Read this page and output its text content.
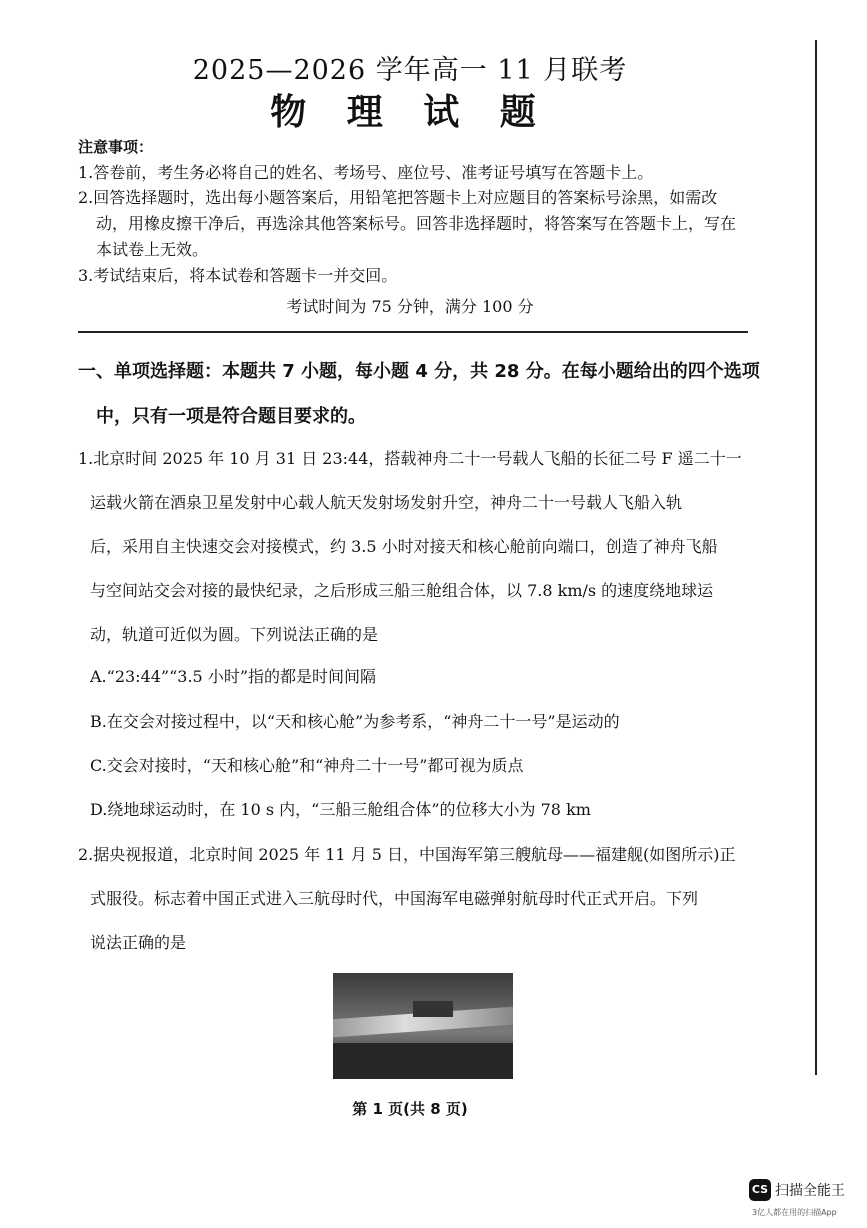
2025—2026 学年高一 11 月联考
物 理 试 题
注意事项：
1.答卷前，考生务必将自己的姓名、考场号、座位号、准考证号填写在答题卡上。
2.回答选择题时，选出每小题答案后，用铅笔把答题卡上对应题目的答案标号涂黑，如需改
动，用橡皮擦干净后，再选涂其他答案标号。回答非选择题时，将答案写在答题卡上，写在
本试卷上无效。
3.考试结束后，将本试卷和答题卡一并交回。
考试时间为 75 分钟，满分 100 分
一、单项选择题：本题共 7 小题，每小题 4 分，共 28 分。在每小题给出的四个选项
中，只有一项是符合题目要求的。
1.北京时间 2025 年 10 月 31 日 23:44，搭载神舟二十一号载人飞船的长征二号 F 遥二十一
运载火箭在酒泉卫星发射中心载人航天发射场发射升空，神舟二十一号载人飞船入轨
后，采用自主快速交会对接模式，约 3.5 小时对接天和核心舱前向端口，创造了神舟飞船
与空间站交会对接的最快纪录，之后形成三船三舱组合体，以 7.8 km/s 的速度绕地球运
动，轨道可近似为圆。下列说法正确的是
A.“23:44”“3.5 小时”指的都是时间间隔
B.在交会对接过程中，以“天和核心舱”为参考系，“神舟二十一号”是运动的
C.交会对接时，“天和核心舱”和“神舟二十一号”都可视为质点
D.绕地球运动时，在 10 s 内，“三船三舱组合体”的位移大小为 78 km
2.据央视报道，北京时间 2025 年 11 月 5 日，中国海军第三艘航母——福建舰(如图所示)正
式服役。标志着中国正式进入三航母时代，中国海军电磁弹射航母时代正式开启。下列
说法正确的是
第 1 页(共 8 页)
CS 扫描全能王
3亿人都在用的扫描App
